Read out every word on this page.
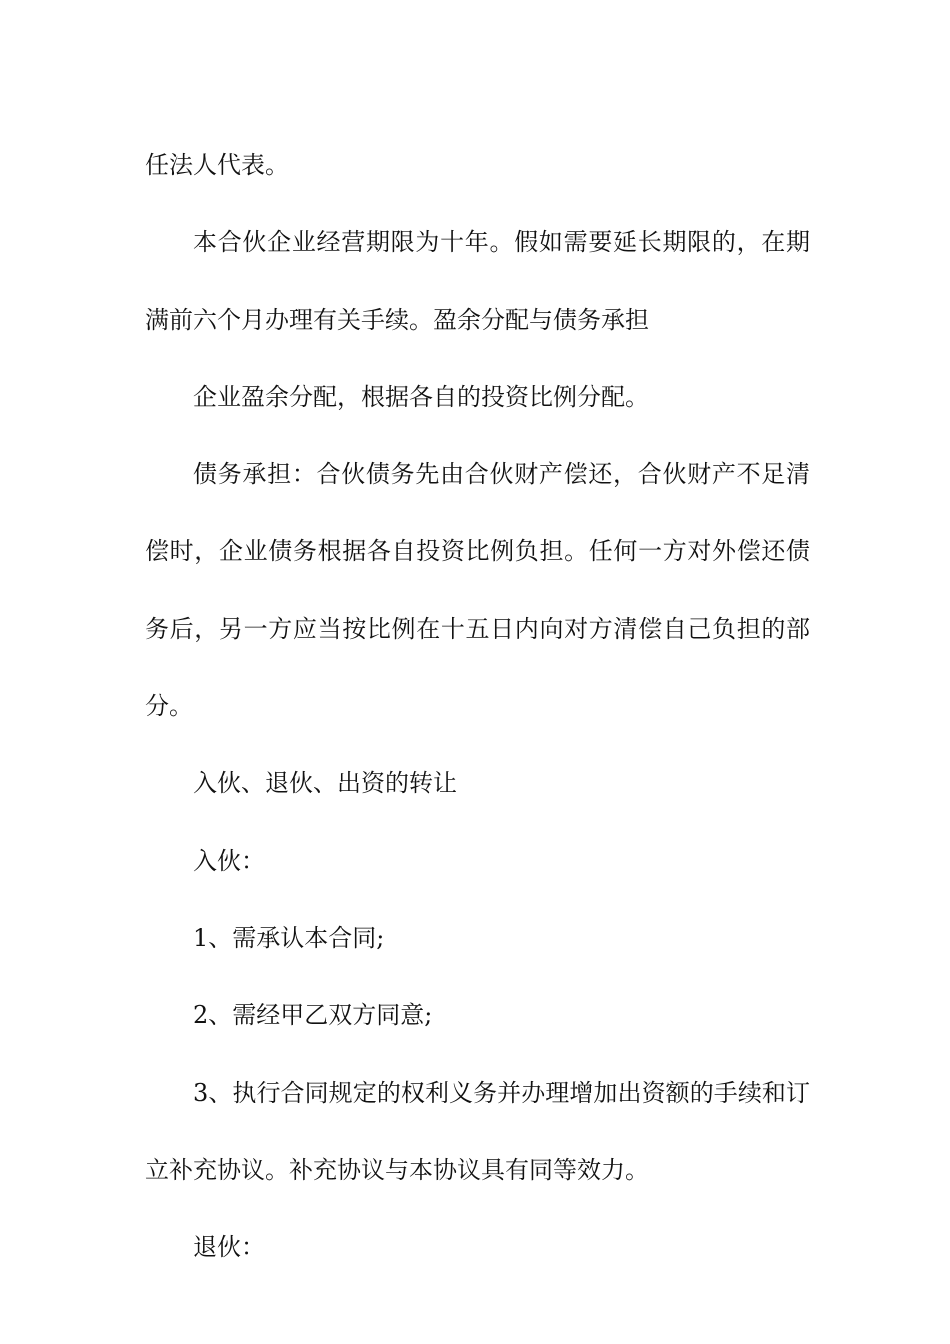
任法人代表。

本合伙企业经营期限为十年。假如需要延长期限的，在期满前六个月办理有关手续。盈余分配与债务承担

企业盈余分配，根据各自的投资比例分配。

债务承担：合伙债务先由合伙财产偿还，合伙财产不足清偿时，企业债务根据各自投资比例负担。任何一方对外偿还债务后，另一方应当按比例在十五日内向对方清偿自己负担的部分。

入伙、退伙、出资的转让

入伙：

1、需承认本合同;

2、需经甲乙双方同意;

3、执行合同规定的权利义务并办理增加出资额的手续和订立补充协议。补充协议与本协议具有同等效力。

退伙：
